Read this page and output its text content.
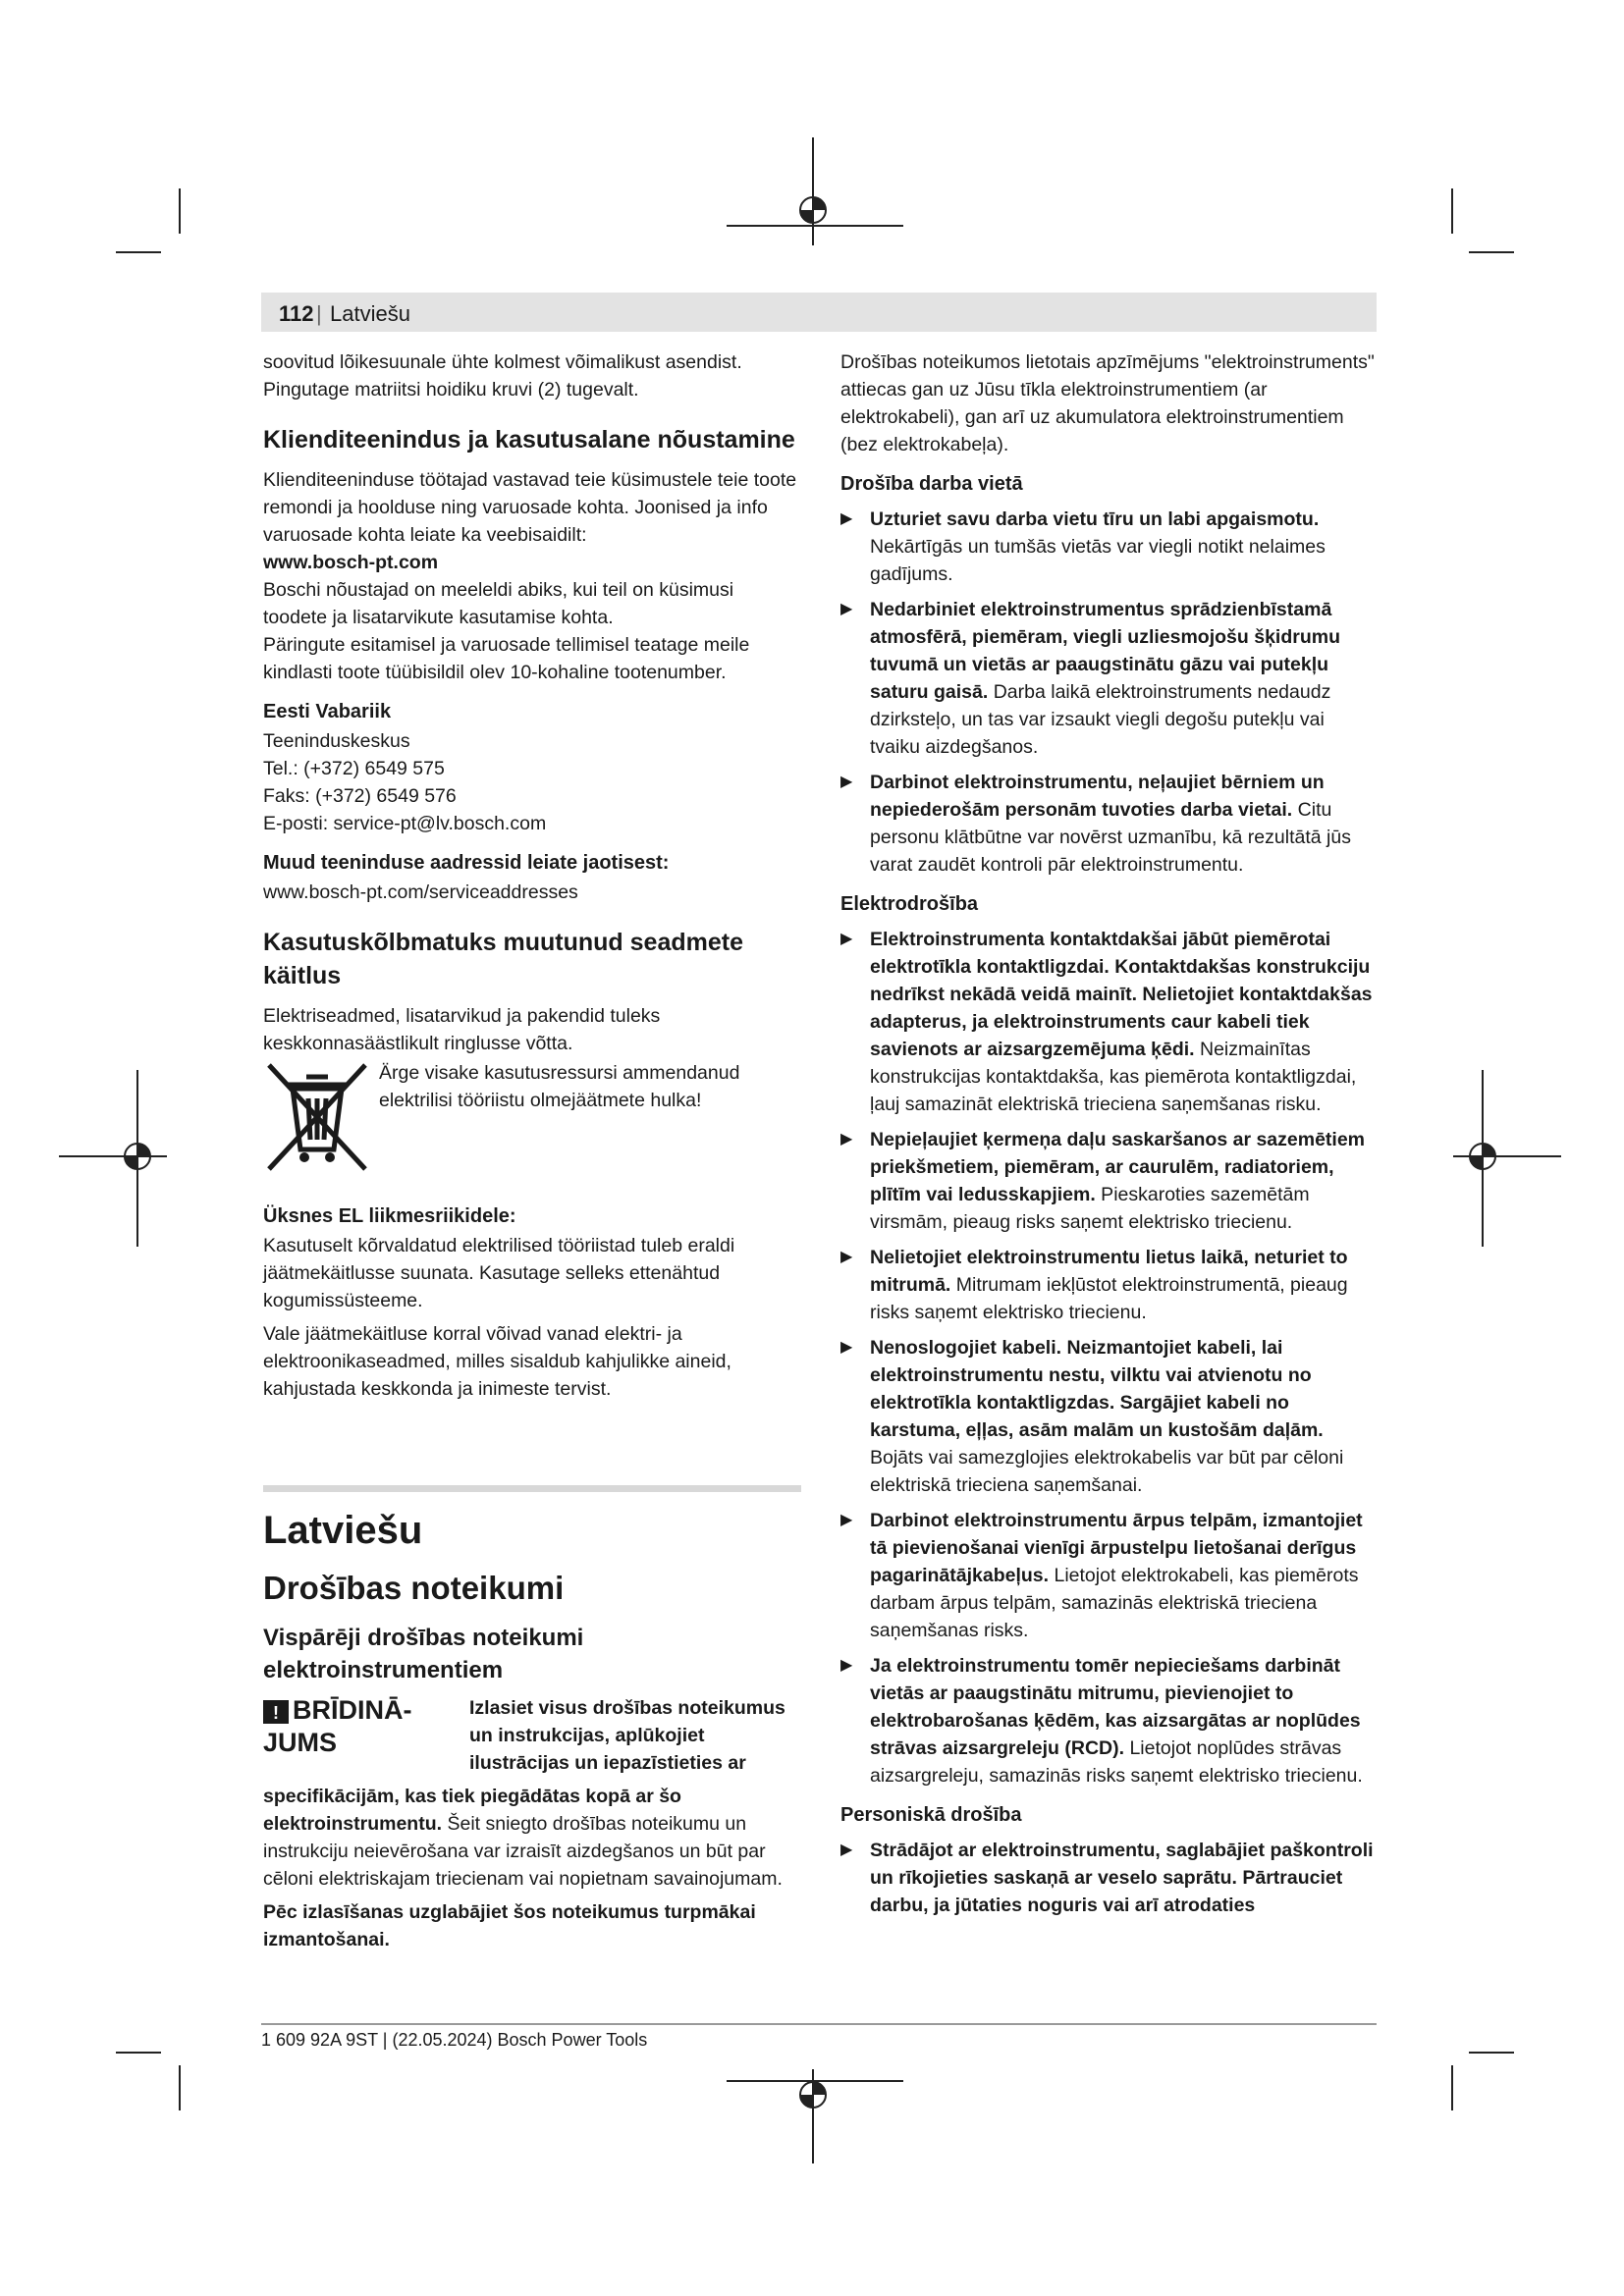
112 | Latviešu

soovitud lõikesuunale ühte kolmest võimalikust asendist.

Pingutage matriitsi hoidiku kruvi (2) tugevalt.

Klienditeenindus ja kasutusalane nõustamine

Klienditeeninduse töötajad vastavad teie küsimustele teie toote remondi ja hoolduse ning varuosade kohta. Joonised ja info varuosade kohta leiate ka veebisaidilt:

www.bosch-pt.com

Boschi nõustajad on meeleldi abiks, kui teil on küsimusi toodete ja lisatarvikute kasutamise kohta.

Päringute esitamisel ja varuosade tellimisel teatage meile kindlasti toote tüübisildil olev 10-kohaline tootenumber.

Eesti Vabariik

Teeninduskeskus

Tel.: (+372) 6549 575

Faks: (+372) 6549 576

E-posti: service-pt@lv.bosch.com

Muud teeninduse aadressid leiate jaotisest:

www.bosch-pt.com/serviceaddresses

Kasutuskõlbmatuks muutunud seadmete käitlus

Elektriseadmed, lisatarvikud ja pakendid tuleks keskkonnasäästlikult ringlusse võtta.

Ärge visake kasutusressursi ammendanud elektrilisi tööriistu olmejäätmete hulka!

Üksnes EL liikmesriikidele:

Kasutuselt kõrvaldatud elektrilised tööriistad tuleb eraldi jäätmekäitlusse suunata. Kasutage selleks ettenähtud kogumissüsteeme.

Vale jäätmekäitluse korral võivad vanad elektri- ja elektroonikaseadmed, milles sisaldub kahjulikke aineid, kahjustada keskkonda ja inimeste tervist.

Latviešu
Drošības noteikumi
Vispārēji drošības noteikumi elektroinstrumentiem
! BRĪDINĀ-JUMS

Izlasiet visus drošības noteikumus un instrukcijas, aplūkojiet ilustrācijas un iepazīstieties ar

specifikācijām, kas tiek piegādātas kopā ar šo elektroinstrumentu. Šeit sniegto drošības noteikumu un instrukciju neievērošana var izraisīt aizdegšanos un būt par cēloni elektriskajam triecienam vai nopietnam savainojumam.

Pēc izlasīšanas uzglabājiet šos noteikumus turpmākai izmantošanai.

Drošības noteikumos lietotais apzīmējums "elektroinstruments" attiecas gan uz Jūsu tīkla elektroinstrumentiem (ar elektrokabeli), gan arī uz akumulatora elektroinstrumentiem (bez elektrokabeļa).

Drošība darba vietā
▶ Uzturiet savu darba vietu tīru un labi apgaismotu. Nekārtīgās un tumšās vietās var viegli notikt nelaimes gadījums.

▶ Nedarbiniet elektroinstrumentus sprādzienbīstamā atmosfērā, piemēram, viegli uzliesmojošu šķidrumu tuvumā un vietās ar paaugstinātu gāzu vai putekļu saturu gaisā. Darba laikā elektroinstruments nedaudz dzirksteļo, un tas var izsaukt viegli degošu putekļu vai tvaiku aizdegšanos.

▶ Darbinot elektroinstrumentu, neļaujiet bērniem un nepiederošām personām tuvoties darba vietai. Citu personu klātbūtne var novērst uzmanību, kā rezultātā jūs varat zaudēt kontroli pār elektroinstrumentu.

Elektrodrošība
▶ Elektroinstrumenta kontaktdakšai jābūt piemērotai elektrotīkla kontaktligzdai. Kontaktdakšas konstrukciju nedrīkst nekādā veidā mainīt. Nelietojiet kontaktdakšas adapterus, ja elektroinstruments caur kabeli tiek savienots ar aizsargzemējuma ķēdi. Neizmainītas konstrukcijas kontaktdakša, kas piemērota kontaktligzdai, ļauj samazināt elektriskā trieciena saņemšanas risku.

▶ Nepieļaujiet ķermeņa daļu saskaršanos ar sazemētiem priekšmetiem, piemēram, ar caurulēm, radiatoriem, plītīm vai ledusskapjiem. Pieskaroties sazemētām virsmām, pieaug risks saņemt elektrisko triecienu.

▶ Nelietojiet elektroinstrumentu lietus laikā, neturiet to mitrumā. Mitrumam iekļūstot elektroinstrumentā, pieaug risks saņemt elektrisko triecienu.

▶ Nenoslogojiet kabeli. Neizmantojiet kabeli, lai elektroinstrumentu nestu, vilktu vai atvienotu no elektrotīkla kontaktligzdas. Sargājiet kabeli no karstuma, eļļas, asām malām un kustošām daļām. Bojāts vai samezglojies elektrokabelis var būt par cēloni elektriskā trieciena saņemšanai.

▶ Darbinot elektroinstrumentu ārpus telpām, izmantojiet tā pievienošanai vienīgi ārpustelpu lietošanai derīgus pagarinātājkabeļus. Lietojot elektrokabeli, kas piemērots darbam ārpus telpām, samazinās elektriskā trieciena saņemšanas risks.

▶ Ja elektroinstrumentu tomēr nepieciešams darbināt vietās ar paaugstinātu mitrumu, pievienojiet to elektrobarošanas ķēdēm, kas aizsargātas ar noplūdes strāvas aizsargreleju (RCD). Lietojot noplūdes strāvas aizsargreleju, samazinās risks saņemt elektrisko triecienu.

Personiskā drošība
▶ Strādājot ar elektroinstrumentu, saglabājiet paškontroli un rīkojieties saskaņā ar veselo saprātu. Pārtrauciet darbu, ja jūtaties noguris vai arī atrodaties

1 609 92A 9ST | (22.05.2024) Bosch Power Tools
